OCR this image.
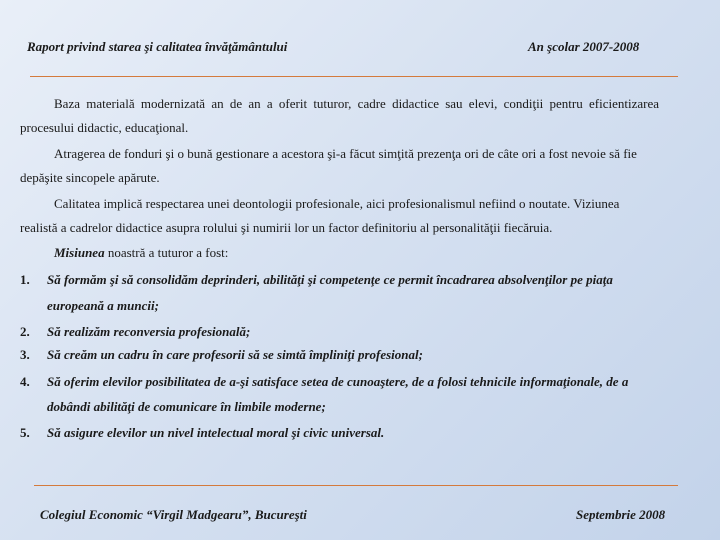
Raport privind starea şi calitatea învăţământului	An şcolar 2007-2008
Baza materială modernizată an de an a oferit tuturor, cadre didactice sau elevi, condiţii pentru eficientizarea
procesului didactic, educaţional.
Atragerea de fonduri şi o bună gestionare a acestora şi-a făcut simţită prezenţa ori de câte ori a fost nevoie să fie
depăşite sincopele apărute.
Calitatea implică respectarea unei deontologii profesionale, aici profesionalismul nefiind o noutate. Viziunea
realistă a cadrelor didactice asupra rolului şi numirii lor un factor definitoriu al personalităţii fiecăruia.
Misiunea noastră a tuturor a fost:
1. Să formăm şi să consolidăm deprinderi, abilităţi şi competenţe ce permit încadrarea absolvenţilor pe piaţa
europeană a muncii;
2. Să realizăm reconversia profesională;
3. Să creăm un cadru în care profesorii să se simtă împliniţi profesional;
4. Să oferim elevilor posibilitatea de a-şi satisface setea de cunoaştere, de a folosi tehnicile informaţionale, de a
dobândi abilităţi de comunicare în limbile moderne;
5. Să asigure elevilor un nivel intelectual moral şi civic universal.
Colegiul Economic “Virgil Madgearu”, Bucureşti	Septembrie 2008
